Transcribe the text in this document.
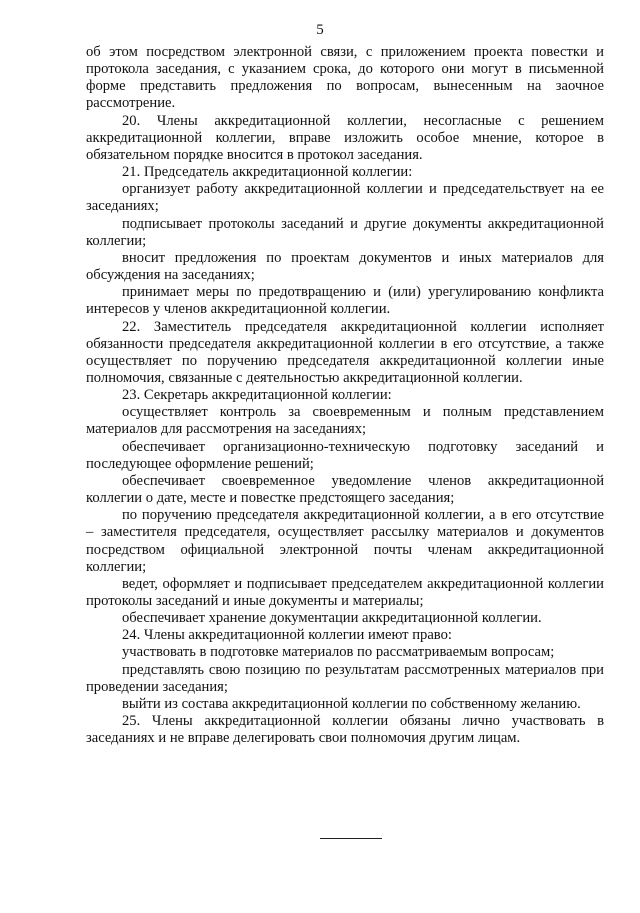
5

об этом посредством электронной связи, с приложением проекта повестки и протокола заседания, с указанием срока, до которого они могут в письменной форме представить предложения по вопросам, вынесенным на заочное рассмотрение.

20. Члены аккредитационной коллегии, несогласные с решением аккредитационной коллегии, вправе изложить особое мнение, которое в обязательном порядке вносится в протокол заседания.

21. Председатель аккредитационной коллегии:

организует работу аккредитационной коллегии и председательствует на ее заседаниях;

подписывает протоколы заседаний и другие документы аккредитационной коллегии;

вносит предложения по проектам документов и иных материалов для обсуждения на заседаниях;

принимает меры по предотвращению и (или) урегулированию конфликта интересов у членов аккредитационной коллегии.

22. Заместитель председателя аккредитационной коллегии исполняет обязанности председателя аккредитационной коллегии в его отсутствие, а также осуществляет по поручению председателя аккредитационной коллегии иные полномочия, связанные с деятельностью аккредитационной коллегии.

23. Секретарь аккредитационной коллегии:

осуществляет контроль за своевременным и полным представлением материалов для рассмотрения на заседаниях;

обеспечивает организационно-техническую подготовку заседаний и последующее оформление решений;

обеспечивает своевременное уведомление членов аккредитационной коллегии о дате, месте и повестке предстоящего заседания;

по поручению председателя аккредитационной коллегии, а в его отсутствие – заместителя председателя, осуществляет рассылку материалов и документов посредством официальной электронной почты членам аккредитационной коллегии;

ведет, оформляет и подписывает председателем аккредитационной коллегии протоколы заседаний и иные документы и материалы;

обеспечивает хранение документации аккредитационной коллегии.

24. Члены аккредитационной коллегии имеют право:

участвовать в подготовке материалов по рассматриваемым вопросам;

представлять свою позицию по результатам рассмотренных материалов при проведении заседания;

выйти из состава аккредитационной коллегии по собственному желанию.

25. Члены аккредитационной коллегии обязаны лично участвовать в заседаниях и не вправе делегировать свои полномочия другим лицам.
